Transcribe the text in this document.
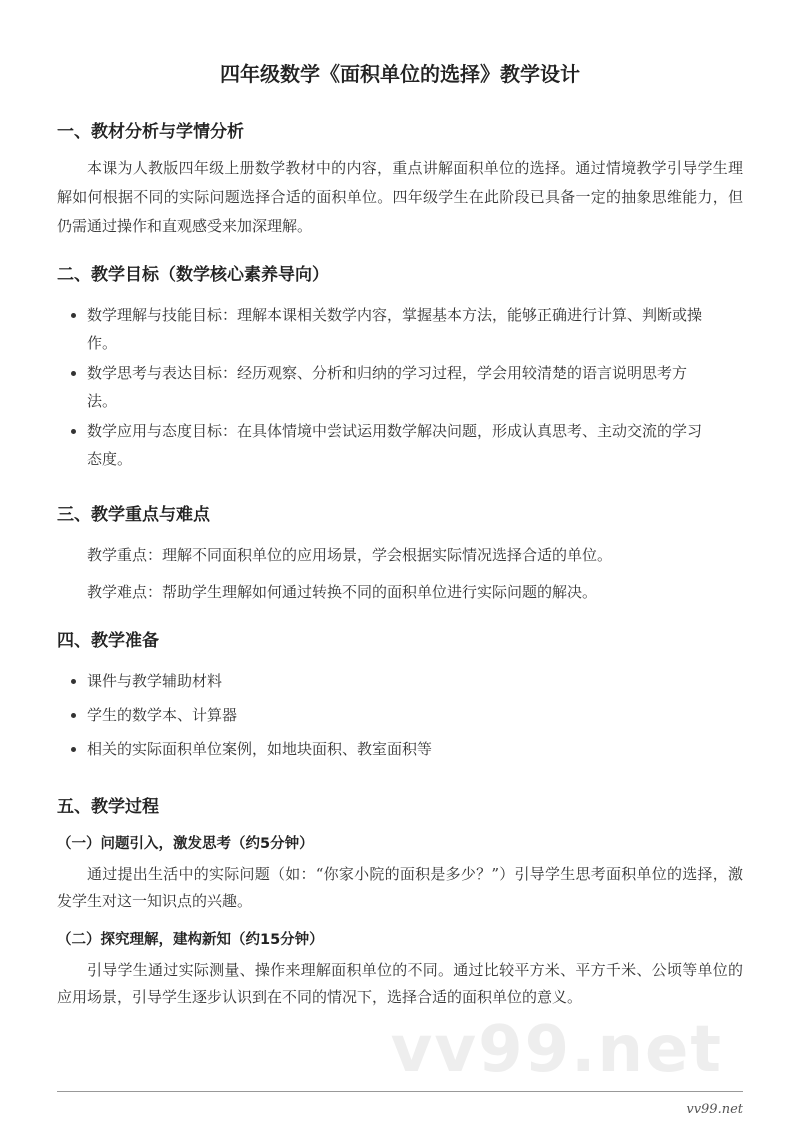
四年级数学《面积单位的选择》教学设计
一、教材分析与学情分析
本课为人教版四年级上册数学教材中的内容，重点讲解面积单位的选择。通过情境教学引导学生理解如何根据不同的实际问题选择合适的面积单位。四年级学生在此阶段已具备一定的抽象思维能力，但仍需通过操作和直观感受来加深理解。
二、教学目标（数学核心素养导向）
• 数学理解与技能目标：理解本课相关数学内容，掌握基本方法，能够正确进行计算、判断或操作。
• 数学思考与表达目标：经历观察、分析和归纳的学习过程，学会用较清楚的语言说明思考方法。
• 数学应用与态度目标：在具体情境中尝试运用数学解决问题，形成认真思考、主动交流的学习态度。
三、教学重点与难点
教学重点：理解不同面积单位的应用场景，学会根据实际情况选择合适的单位。
教学难点：帮助学生理解如何通过转换不同的面积单位进行实际问题的解决。
四、教学准备
• 课件与教学辅助材料
• 学生的数学本、计算器
• 相关的实际面积单位案例，如地块面积、教室面积等
五、教学过程
（一）问题引入，激发思考（约5分钟）
通过提出生活中的实际问题（如：“你家小院的面积是多少？”）引导学生思考面积单位的选择，激发学生对这一知识点的兴趣。
（二）探究理解，建构新知（约15分钟）
引导学生通过实际测量、操作来理解面积单位的不同。通过比较平方米、平方千米、公顷等单位的应用场景，引导学生逐步认识到在不同的情况下，选择合适的面积单位的意义。
vv99.net
vv99.net
